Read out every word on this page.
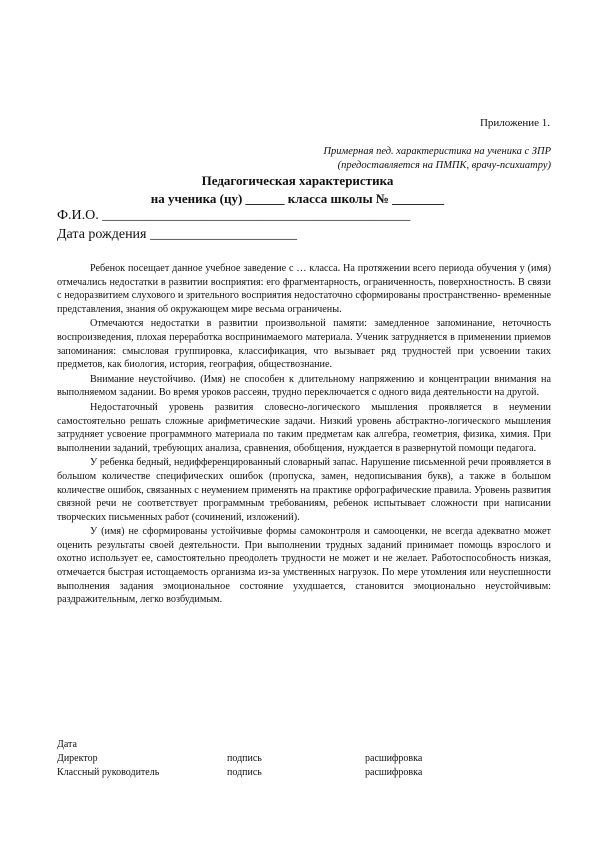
Приложение 1.
Примерная пед. характеристика на ученика с ЗПР
(предоставляется на ПМПК, врачу-психиатру)
Педагогическая характеристика
на ученика (цу) ______ класса школы № ________
Ф.И.О. ____________________________________________
Дата рождения _____________________

Ребенок посещает данное учебное заведение с … класса. На протяжении всего периода обучения у (имя) отмечались недостатки в развитии восприятия: его фрагментарность, ограниченность, поверхностность. В связи с недоразвитием слухового и зрительного восприятия недостаточно сформированы пространственно- временные представления, знания об окружающем мире весьма ограничены.

Отмечаются недостатки в развитии произвольной памяти: замедленное запоминание, неточность воспроизведения, плохая переработка воспринимаемого материала. Ученик затрудняется в применении приемов запоминания: смысловая группировка, классификация, что вызывает ряд трудностей при усвоении таких предметов, как биология, история, география, обществознание.

Внимание неустойчиво. (Имя) не способен к длительному напряжению и концентрации внимания на выполняемом задании. Во время уроков рассеян, трудно переключается с одного вида деятельности на другой.

Недостаточный уровень развития словесно-логического мышления проявляется в неумении самостоятельно решать сложные арифметические задачи. Низкий уровень абстрактно-логического мышления затрудняет усвоение программного материала по таким предметам как алгебра, геометрия, физика, химия. При выполнении заданий, требующих анализа, сравнения, обобщения, нуждается в развернутой помощи педагога.

У ребенка бедный, недифференцированный словарный запас. Нарушение письменной речи проявляется в большом количестве специфических ошибок (пропуска, замен, недописывания букв), а также в большом количестве ошибок, связанных с неумением применять на практике орфографические правила. Уровень развития связной речи не соответствует программным требованиям, ребенок испытывает сложности при написании творческих письменных работ (сочинений, изложений).

У (имя) не сформированы устойчивые формы самоконтроля и самооценки, не всегда адекватно может оценить результаты своей деятельности. При выполнении трудных заданий принимает помощь взрослого и охотно использует ее, самостоятельно преодолеть трудности не может и не желает. Работоспособность низкая, отмечается быстрая истощаемость организма из-за умственных нагрузок. По мере утомления или неуспешности выполнения задания эмоциональное состояние ухудшается, становится эмоционально неустойчивым: раздражительным, легко возбудимым.

Дата
Директор	подпись	расшифровка
Классный руководитель	подпись	расшифровка
